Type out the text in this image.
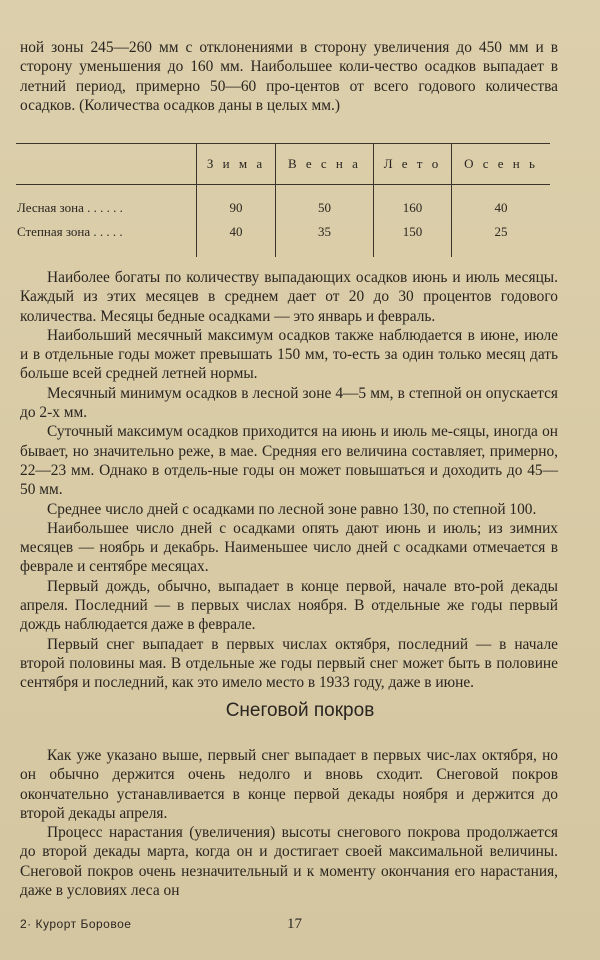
ной зоны 245—260 мм с отклонениями в сторону увеличения до 450 мм и в сторону уменьшения до 160 мм. Наибольшее коли-чество осадков выпадает в летний период, примерно 50—60 про-центов от всего годового количества осадков. (Количества осадков даны в целых мм.)

	З и м а	В е с н а	Л е т о	О с е н ь
Лесная зона . . . . . .	90	50	160	40
Степная зона . . . . .	40	35	150	25

Наиболее богаты по количеству выпадающих осадков июнь и июль месяцы. Каждый из этих месяцев в среднем дает от 20 до 30 процентов годового количества. Месяцы бедные осадками — это январь и февраль.

Наибольший месячный максимум осадков также наблюдается в июне, июле и в отдельные годы может превышать 150 мм, то-есть за один только месяц дать больше всей средней летней нормы.

Месячный минимум осадков в лесной зоне 4—5 мм, в степной он опускается до 2-х мм.

Суточный максимум осадков приходится на июнь и июль ме-сяцы, иногда он бывает, но значительно реже, в мае. Средняя его величина составляет, примерно, 22—23 мм. Однако в отдель-ные годы он может повышаться и доходить до 45—50 мм.

Среднее число дней с осадками по лесной зоне равно 130, по степной 100.

Наибольшее число дней с осадками опять дают июнь и июль; из зимних месяцев — ноябрь и декабрь. Наименьшее число дней с осадками отмечается в феврале и сентябре месяцах.

Первый дождь, обычно, выпадает в конце первой, начале вто-рой декады апреля. Последний — в первых числах ноября. В отдельные же годы первый дождь наблюдается даже в феврале.

Первый снег выпадает в первых числах октября, последний — в начале второй половины мая. В отдельные же годы первый снег может быть в половине сентября и последний, как это имело место в 1933 году, даже в июне.

Снеговой покров

Как уже указано выше, первый снег выпадает в первых чис-лах октября, но он обычно держится очень недолго и вновь сходит. Снеговой покров окончательно устанавливается в конце первой декады ноября и держится до второй декады апреля.

Процесс нарастания (увеличения) высоты снегового покрова продолжается до второй декады марта, когда он и достигает своей максимальной величины. Снеговой покров очень незначительный и к моменту окончания его нарастания, даже в условиях леса он

2· Курорт Боровое	17
